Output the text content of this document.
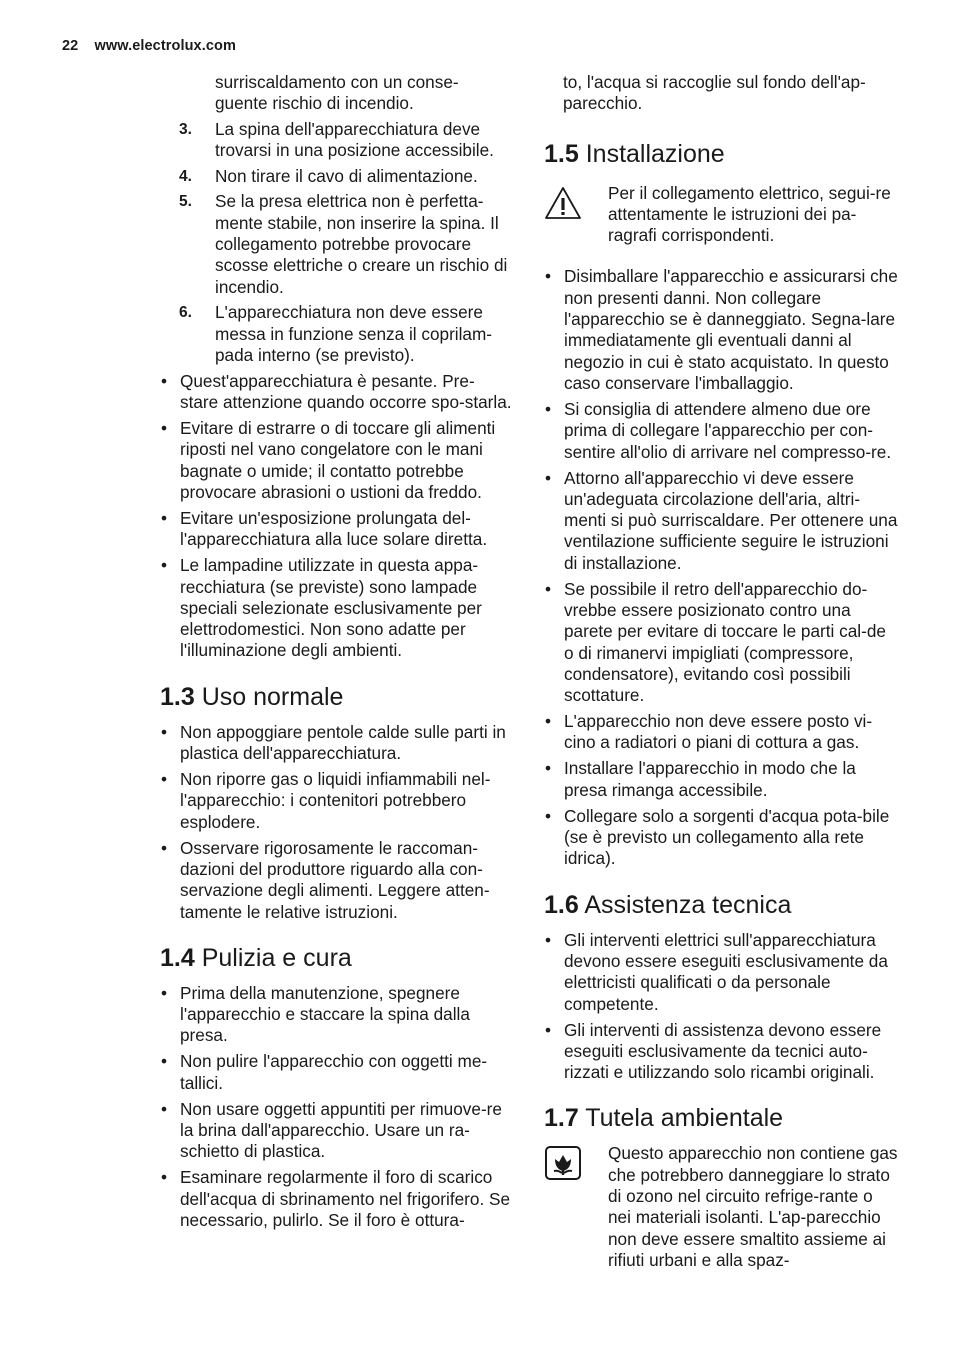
22 www.electrolux.com

surriscaldamento con un conse-guente rischio di incendio.

3. La spina dell'apparecchiatura deve trovarsi in una posizione accessibile.
4. Non tirare il cavo di alimentazione.
5. Se la presa elettrica non è perfetta-mente stabile, non inserire la spina. Il collegamento potrebbe provocare scosse elettriche o creare un rischio di incendio.
6. L'apparecchiatura non deve essere messa in funzione senza il coprilam-pada interno (se previsto).
• Quest'apparecchiatura è pesante. Pre-stare attenzione quando occorre spo-starla.
• Evitare di estrarre o di toccare gli alimenti riposti nel vano congelatore con le mani bagnate o umide; il contatto potrebbe provocare abrasioni o ustioni da freddo.
• Evitare un'esposizione prolungata del-l'apparecchiatura alla luce solare diretta.
• Le lampadine utilizzate in questa appa-recchiatura (se previste) sono lampade speciali selezionate esclusivamente per elettrodomestici. Non sono adatte per l'illuminazione degli ambienti.
1.3 Uso normale
• Non appoggiare pentole calde sulle parti in plastica dell'apparecchiatura.
• Non riporre gas o liquidi infiammabili nel-l'apparecchio: i contenitori potrebbero esplodere.
• Osservare rigorosamente le raccoman-dazioni del produttore riguardo alla con-servazione degli alimenti. Leggere atten-tamente le relative istruzioni.
1.4 Pulizia e cura
• Prima della manutenzione, spegnere l'apparecchio e staccare la spina dalla presa.
• Non pulire l'apparecchio con oggetti me-tallici.
• Non usare oggetti appuntiti per rimuove-re la brina dall'apparecchio. Usare un ra-schietto di plastica.
• Esaminare regolarmente il foro di scarico dell'acqua di sbrinamento nel frigorifero. Se necessario, pulirlo. Se il foro è ottura-

to, l'acqua si raccoglie sul fondo dell'ap-parecchio.

1.5 Installazione
Per il collegamento elettrico, segui-re attentamente le istruzioni dei pa-ragrafi corrispondenti.
• Disimballare l'apparecchio e assicurarsi che non presenti danni. Non collegare l'apparecchio se è danneggiato. Segna-lare immediatamente gli eventuali danni al negozio in cui è stato acquistato. In questo caso conservare l'imballaggio.
• Si consiglia di attendere almeno due ore prima di collegare l'apparecchio per con-sentire all'olio di arrivare nel compresso-re.
• Attorno all'apparecchio vi deve essere un'adeguata circolazione dell'aria, altri-menti si può surriscaldare. Per ottenere una ventilazione sufficiente seguire le istruzioni di installazione.
• Se possibile il retro dell'apparecchio do-vrebbe essere posizionato contro una parete per evitare di toccare le parti cal-de o di rimanervi impigliati (compressore, condensatore), evitando così possibili scottature.
• L'apparecchio non deve essere posto vi-cino a radiatori o piani di cottura a gas.
• Installare l'apparecchio in modo che la presa rimanga accessibile.
• Collegare solo a sorgenti d'acqua pota-bile (se è previsto un collegamento alla rete idrica).
1.6 Assistenza tecnica
• Gli interventi elettrici sull'apparecchiatura devono essere eseguiti esclusivamente da elettricisti qualificati o da personale competente.
• Gli interventi di assistenza devono essere eseguiti esclusivamente da tecnici auto-rizzati e utilizzando solo ricambi originali.
1.7 Tutela ambientale
Questo apparecchio non contiene gas che potrebbero danneggiare lo strato di ozono nel circuito refrige-rante o nei materiali isolanti. L'ap-parecchio non deve essere smaltito assieme ai rifiuti urbani e alla spaz-
